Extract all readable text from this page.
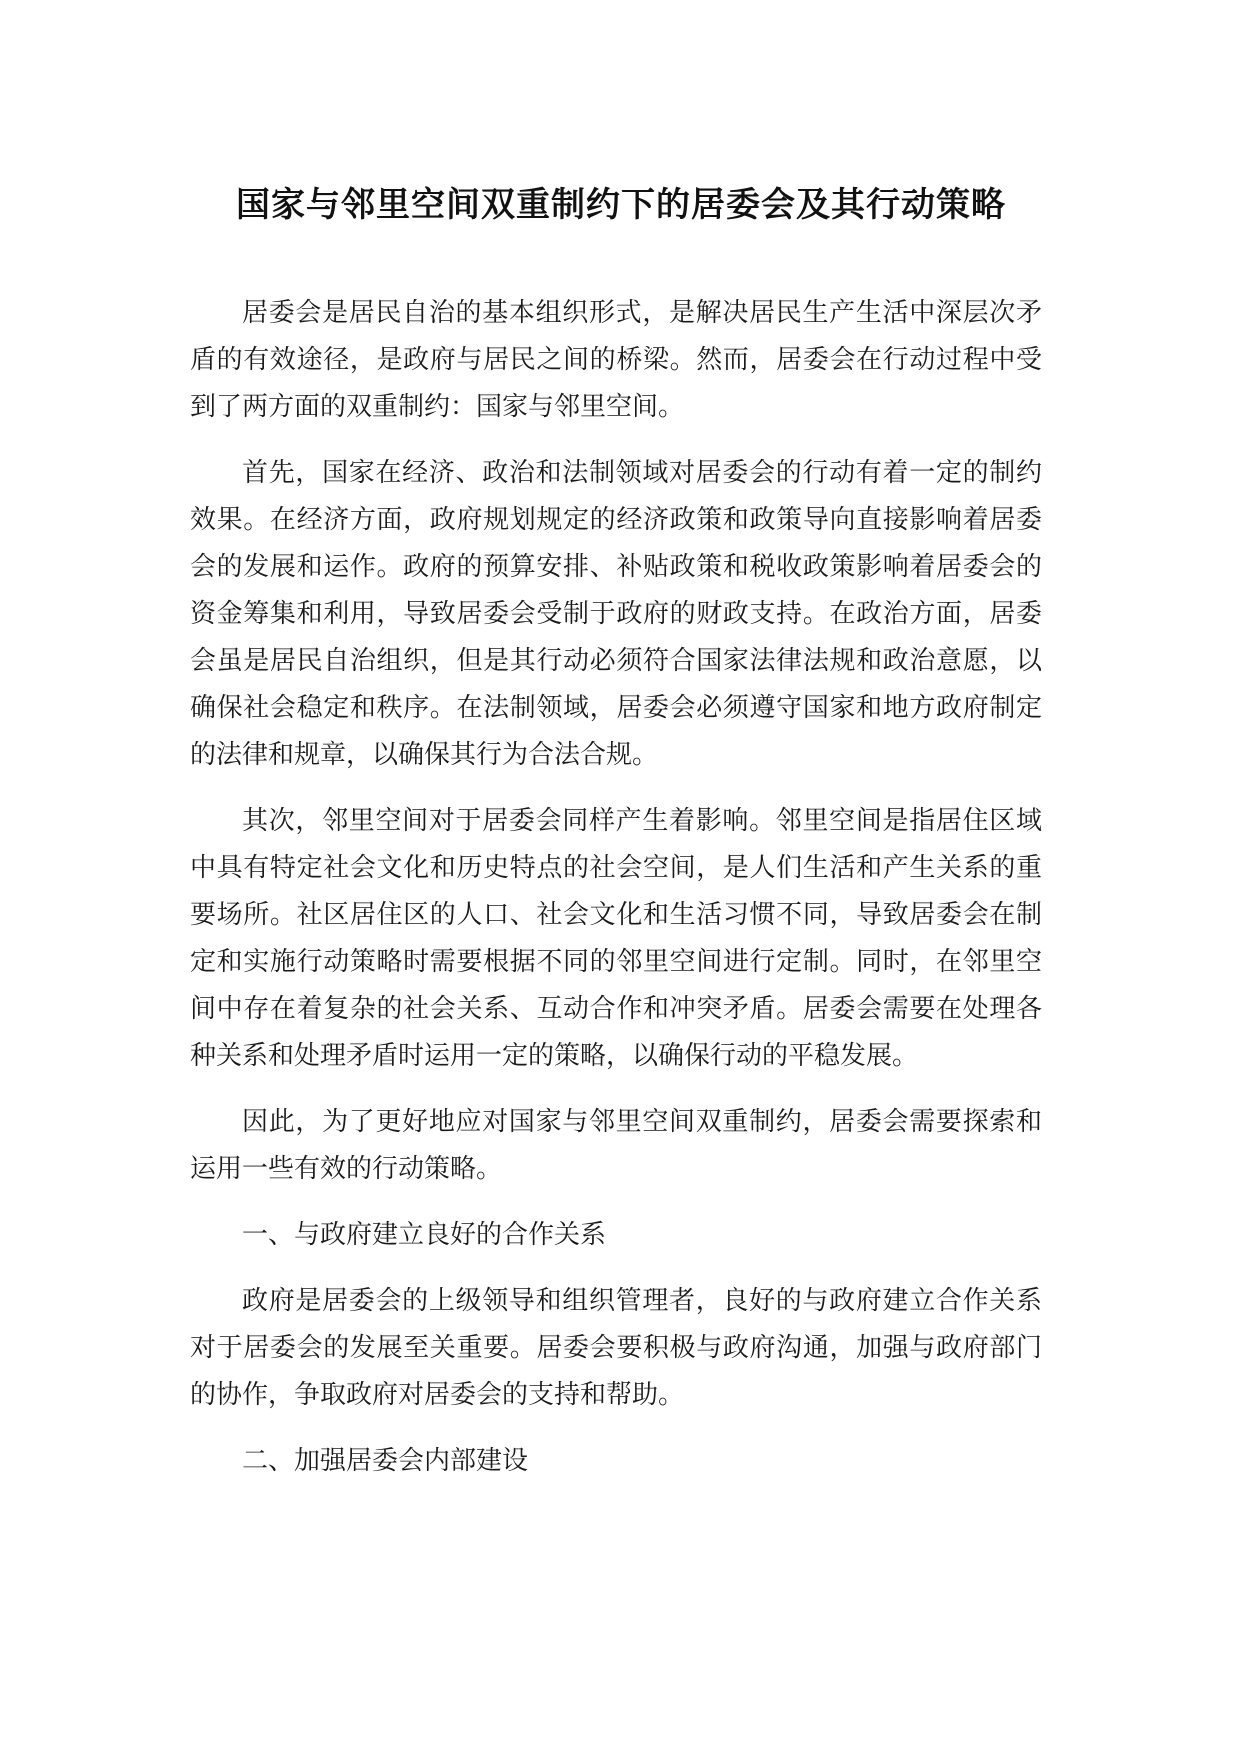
国家与邻里空间双重制约下的居委会及其行动策略

居委会是居民自治的基本组织形式，是解决居民生产生活中深层次矛盾的有效途径，是政府与居民之间的桥梁。然而，居委会在行动过程中受到了两方面的双重制约：国家与邻里空间。

首先，国家在经济、政治和法制领域对居委会的行动有着一定的制约效果。在经济方面，政府规划规定的经济政策和政策导向直接影响着居委会的发展和运作。政府的预算安排、补贴政策和税收政策影响着居委会的资金筹集和利用，导致居委会受制于政府的财政支持。在政治方面，居委会虽是居民自治组织，但是其行动必须符合国家法律法规和政治意愿，以确保社会稳定和秩序。在法制领域，居委会必须遵守国家和地方政府制定的法律和规章，以确保其行为合法合规。

其次，邻里空间对于居委会同样产生着影响。邻里空间是指居住区域中具有特定社会文化和历史特点的社会空间，是人们生活和产生关系的重要场所。社区居住区的人口、社会文化和生活习惯不同，导致居委会在制定和实施行动策略时需要根据不同的邻里空间进行定制。同时，在邻里空间中存在着复杂的社会关系、互动合作和冲突矛盾。居委会需要在处理各种关系和处理矛盾时运用一定的策略，以确保行动的平稳发展。

因此，为了更好地应对国家与邻里空间双重制约，居委会需要探索和运用一些有效的行动策略。

一、与政府建立良好的合作关系

政府是居委会的上级领导和组织管理者，良好的与政府建立合作关系对于居委会的发展至关重要。居委会要积极与政府沟通，加强与政府部门的协作，争取政府对居委会的支持和帮助。

二、加强居委会内部建设
